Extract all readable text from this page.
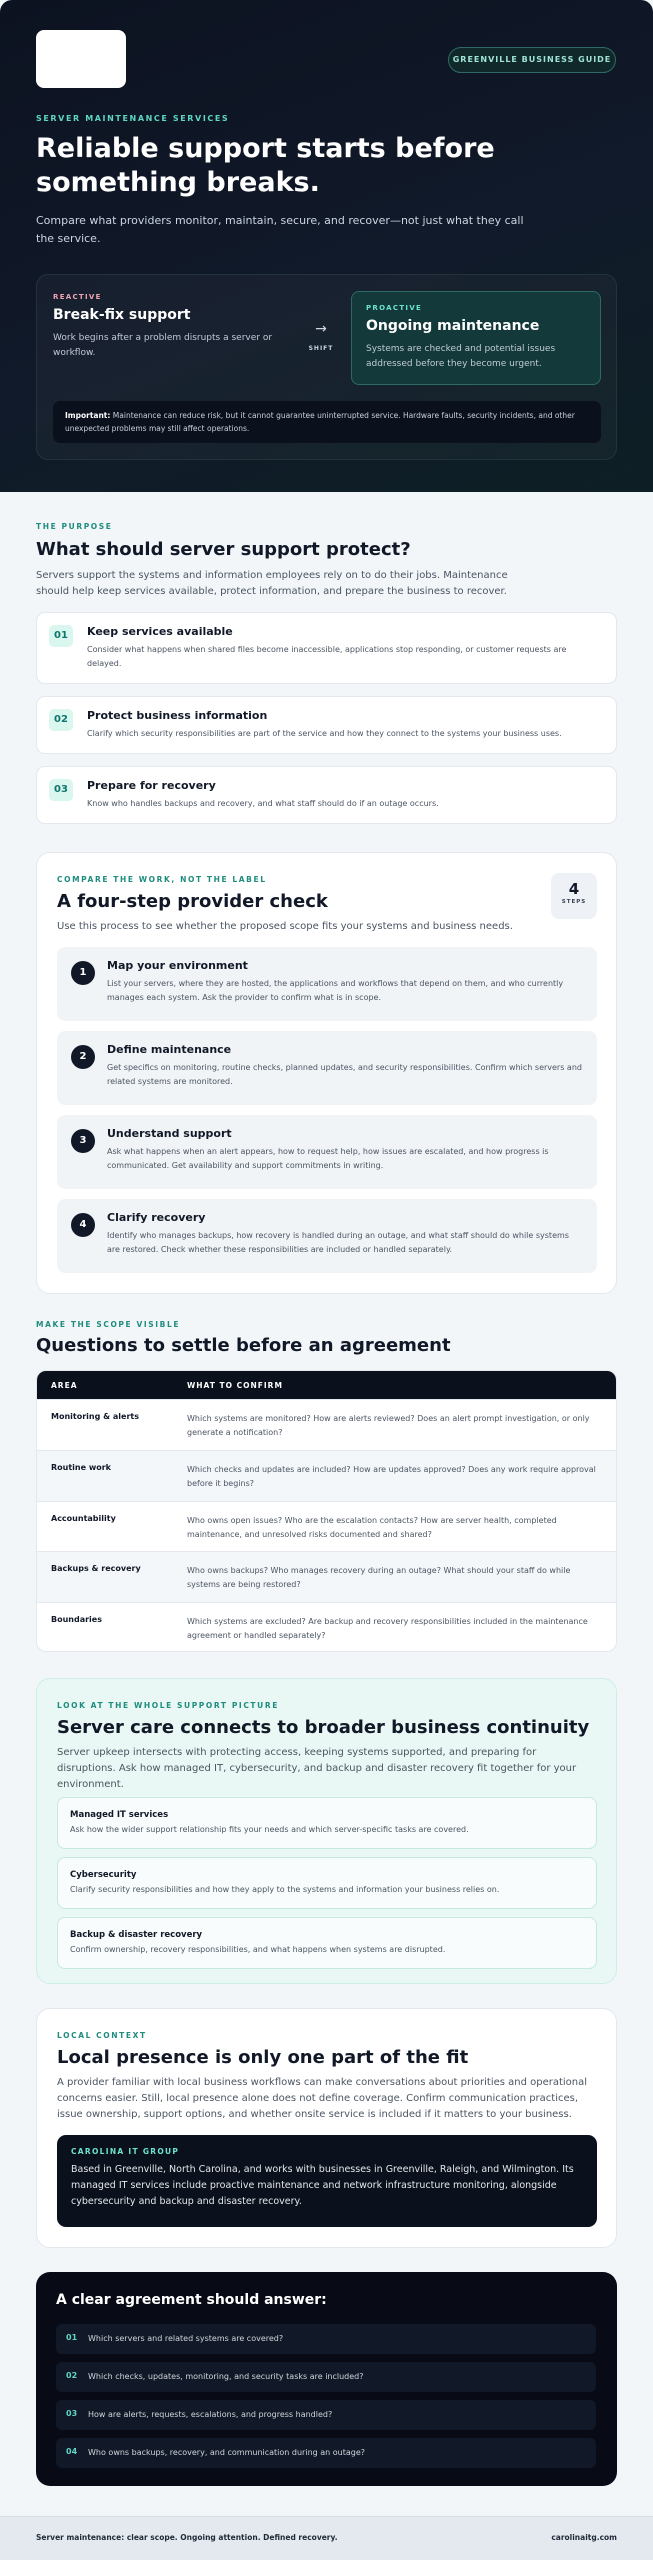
GREENVILLE BUSINESS GUIDE
SERVER MAINTENANCE SERVICES
Reliable support starts before something breaks.
Compare what providers monitor, maintain, secure, and recover—not just what they call the service.
REACTIVE
Break-fix support
Work begins after a problem disrupts a server or workflow.
→
SHIFT
PROACTIVE
Ongoing maintenance
Systems are checked and potential issues addressed before they become urgent.
Important: Maintenance can reduce risk, but it cannot guarantee uninterrupted service. Hardware faults, security incidents, and other unexpected problems may still affect operations.
THE PURPOSE
What should server support protect?
Servers support the systems and information employees rely on to do their jobs. Maintenance should help keep services available, protect information, and prepare the business to recover.
01	Keep services available
Consider what happens when shared files become inaccessible, applications stop responding, or customer requests are delayed.
02	Protect business information
Clarify which security responsibilities are part of the service and how they connect to the systems your business uses.
03	Prepare for recovery
Know who handles backups and recovery, and what staff should do if an outage occurs.
COMPARE THE WORK, NOT THE LABEL
A four-step provider check
Use this process to see whether the proposed scope fits your systems and business needs.
4
STEPS
1
Map your environment
List your servers, where they are hosted, the applications and workflows that depend on them, and who currently manages each system. Ask the provider to confirm what is in scope.
2
Define maintenance
Get specifics on monitoring, routine checks, planned updates, and security responsibilities. Confirm which servers and related systems are monitored.
3
Understand support
Ask what happens when an alert appears, how to request help, how issues are escalated, and how progress is communicated. Get availability and support commitments in writing.
4
Clarify recovery
Identify who manages backups, how recovery is handled during an outage, and what staff should do while systems are restored. Check whether these responsibilities are included or handled separately.
MAKE THE SCOPE VISIBLE
Questions to settle before an agreement
AREA	WHAT TO CONFIRM
Monitoring & alerts	Which systems are monitored? How are alerts reviewed? Does an alert prompt investigation, or only generate a notification?
Routine work	Which checks and updates are included? How are updates approved? Does any work require approval before it begins?
Accountability	Who owns open issues? Who are the escalation contacts? How are server health, completed maintenance, and unresolved risks documented and shared?
Backups & recovery	Who owns backups? Who manages recovery during an outage? What should your staff do while systems are being restored?
Boundaries	Which systems are excluded? Are backup and recovery responsibilities included in the maintenance agreement or handled separately?
LOOK AT THE WHOLE SUPPORT PICTURE
Server care connects to broader business continuity
Server upkeep intersects with protecting access, keeping systems supported, and preparing for disruptions. Ask how managed IT, cybersecurity, and backup and disaster recovery fit together for your environment.
Managed IT services
Ask how the wider support relationship fits your needs and which server-specific tasks are covered.
Cybersecurity
Clarify security responsibilities and how they apply to the systems and information your business relies on.
Backup & disaster recovery
Confirm ownership, recovery responsibilities, and what happens when systems are disrupted.
LOCAL CONTEXT
Local presence is only one part of the fit
A provider familiar with local business workflows can make conversations about priorities and operational concerns easier. Still, local presence alone does not define coverage. Confirm communication practices, issue ownership, support options, and whether onsite service is included if it matters to your business.
CAROLINA IT GROUP
Based in Greenville, North Carolina, and works with businesses in Greenville, Raleigh, and Wilmington. Its managed IT services include proactive maintenance and network infrastructure monitoring, alongside cybersecurity and backup and disaster recovery.
A clear agreement should answer:
01 Which servers and related systems are covered?
02 Which checks, updates, monitoring, and security tasks are included?
03 How are alerts, requests, escalations, and progress handled?
04 Who owns backups, recovery, and communication during an outage?
Server maintenance: clear scope. Ongoing attention. Defined recovery.	carolinaitg.com
